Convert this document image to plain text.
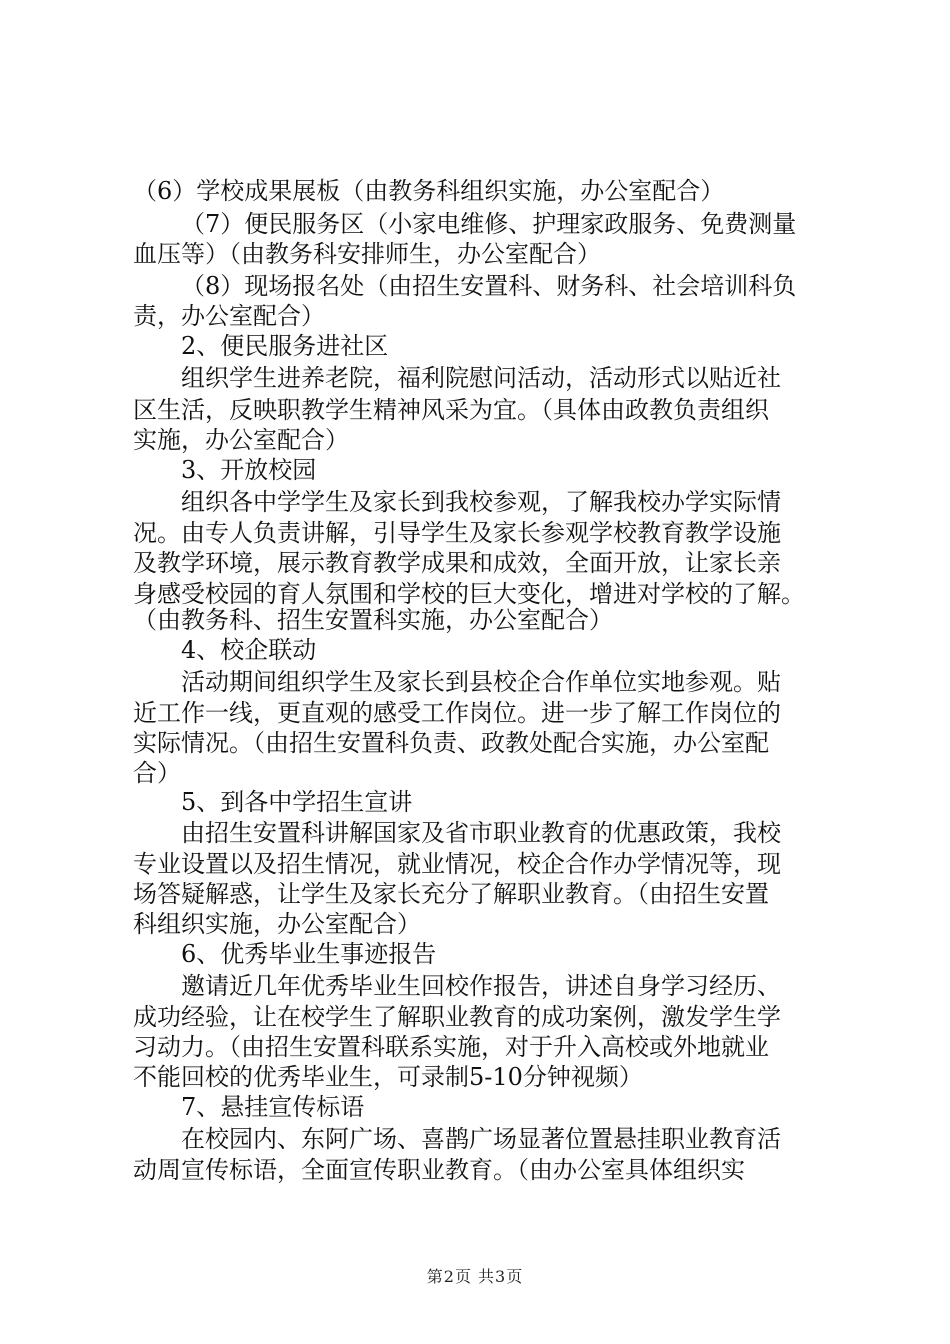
（6）学校成果展板（由教务科组织实施，办公室配合）
（7）便民服务区（小家电维修、护理家政服务、免费测量
血压等）（由教务科安排师生，办公室配合）
（8）现场报名处（由招生安置科、财务科、社会培训科负
责，办公室配合）
2、便民服务进社区
组织学生进养老院，福利院慰问活动，活动形式以贴近社
区生活，反映职教学生精神风采为宜。（具体由政教负责组织
实施，办公室配合）
3、开放校园
组织各中学学生及家长到我校参观，了解我校办学实际情
况。由专人负责讲解，引导学生及家长参观学校教育教学设施
及教学环境，展示教育教学成果和成效，全面开放，让家长亲
身感受校园的育人氛围和学校的巨大变化，增进对学校的了解。
（由教务科、招生安置科实施，办公室配合）
4、校企联动
活动期间组织学生及家长到县校企合作单位实地参观。贴
近工作一线，更直观的感受工作岗位。进一步了解工作岗位的
实际情况。（由招生安置科负责、政教处配合实施，办公室配
合）
5、到各中学招生宣讲
由招生安置科讲解国家及省市职业教育的优惠政策，我校
专业设置以及招生情况，就业情况，校企合作办学情况等，现
场答疑解惑，让学生及家长充分了解职业教育。（由招生安置
科组织实施，办公室配合）
6、优秀毕业生事迹报告
邀请近几年优秀毕业生回校作报告，讲述自身学习经历、
成功经验，让在校学生了解职业教育的成功案例，激发学生学
习动力。（由招生安置科联系实施，对于升入高校或外地就业
不能回校的优秀毕业生，可录制5-10分钟视频）
7、悬挂宣传标语
在校园内、东阿广场、喜鹊广场显著位置悬挂职业教育活
动周宣传标语，全面宣传职业教育。（由办公室具体组织实
第2页 共3页
